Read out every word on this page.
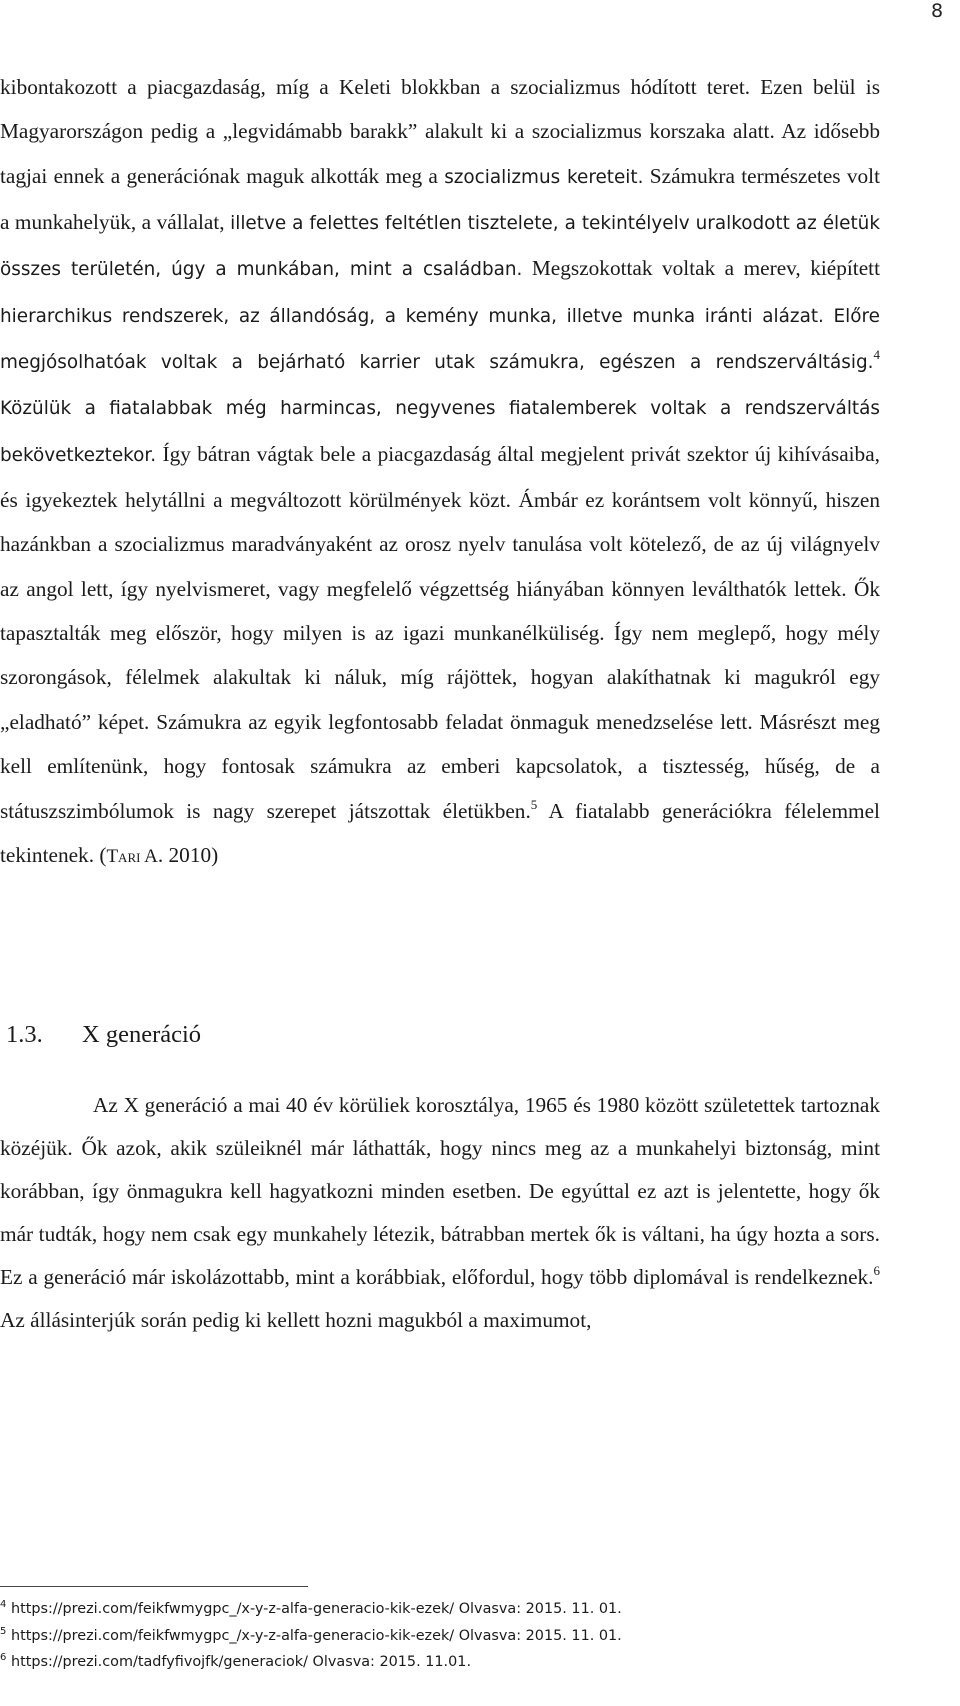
8

kibontakozott a piacgazdaság, míg a Keleti blokkban a szocializmus hódított teret. Ezen belül is Magyarországon pedig a „legvidámabb barakk” alakult ki a szocializmus korszaka alatt. Az idősebb tagjai ennek a generációnak maguk alkották meg a szocializmus kereteit. Számukra természetes volt a munkahelyük, a vállalat, illetve a felettes feltétlen tisztelete, a tekintélyelv uralkodott az életük összes területén, úgy a munkában, mint a családban. Megszokottak voltak a merev, kiépített hierarchikus rendszerek, az állandóság, a kemény munka, illetve munka iránti alázat. Előre megjósolhatóak voltak a bejárható karrier utak számukra, egészen a rendszerváltásig.$^4$ Közülük a fiatalabbak még harmincas, negyvenes fiatalemberek voltak a rendszerváltás bekövetkeztekor. Így bátran vágtak bele a piacgazdaság által megjelent privát szektor új kihívásaiba, és igyekeztek helytállni a megváltozott körülmények közt. Ámbár ez korántsem volt könnyű, hiszen hazánkban a szocializmus maradványaként az orosz nyelv tanulása volt kötelező, de az új világnyelv az angol lett, így nyelvismeret, vagy megfelelő végzettség hiányában könnyen leválthatók lettek. Ők tapasztalták meg először, hogy milyen is az igazi munkanélküliség. Így nem meglepő, hogy mély szorongások, félelmek alakultak ki náluk, míg rájöttek, hogyan alakíthatnak ki magukról egy „eladható” képet. Számukra az egyik legfontosabb feladat önmaguk menedzselése lett. Másrészt meg kell említenünk, hogy fontosak számukra az emberi kapcsolatok, a tisztesség, hűség, de a státuszszimbólumok is nagy szerepet játszottak életükben.$^5$ A fiatalabb generációkra félelemmel tekintenek. (Tari A. 2010)

1.3. X generáció

Az X generáció a mai 40 év körüliek korosztálya, 1965 és 1980 között születettek tartoznak közéjük. Ők azok, akik szüleiknél már láthatták, hogy nincs meg az a munkahelyi biztonság, mint korábban, így önmagukra kell hagyatkozni minden esetben. De egyúttal ez azt is jelentette, hogy ők már tudták, hogy nem csak egy munkahely létezik, bátrabban mertek ők is váltani, ha úgy hozta a sors. Ez a generáció már iskolázottabb, mint a korábbiak, előfordul, hogy több diplomával is rendelkeznek.$^6$ Az állásinterjúk során pedig ki kellett hozni magukból a maximumot,

$^4$ https://prezi.com/feikfwmygpc_/x-y-z-alfa-generacio-kik-ezek/ Olvasva: 2015. 11. 01.
$^5$ https://prezi.com/feikfwmygpc_/x-y-z-alfa-generacio-kik-ezek/ Olvasva: 2015. 11. 01.
$^6$ https://prezi.com/tadfyfivojfk/generaciok/ Olvasva: 2015. 11.01.
